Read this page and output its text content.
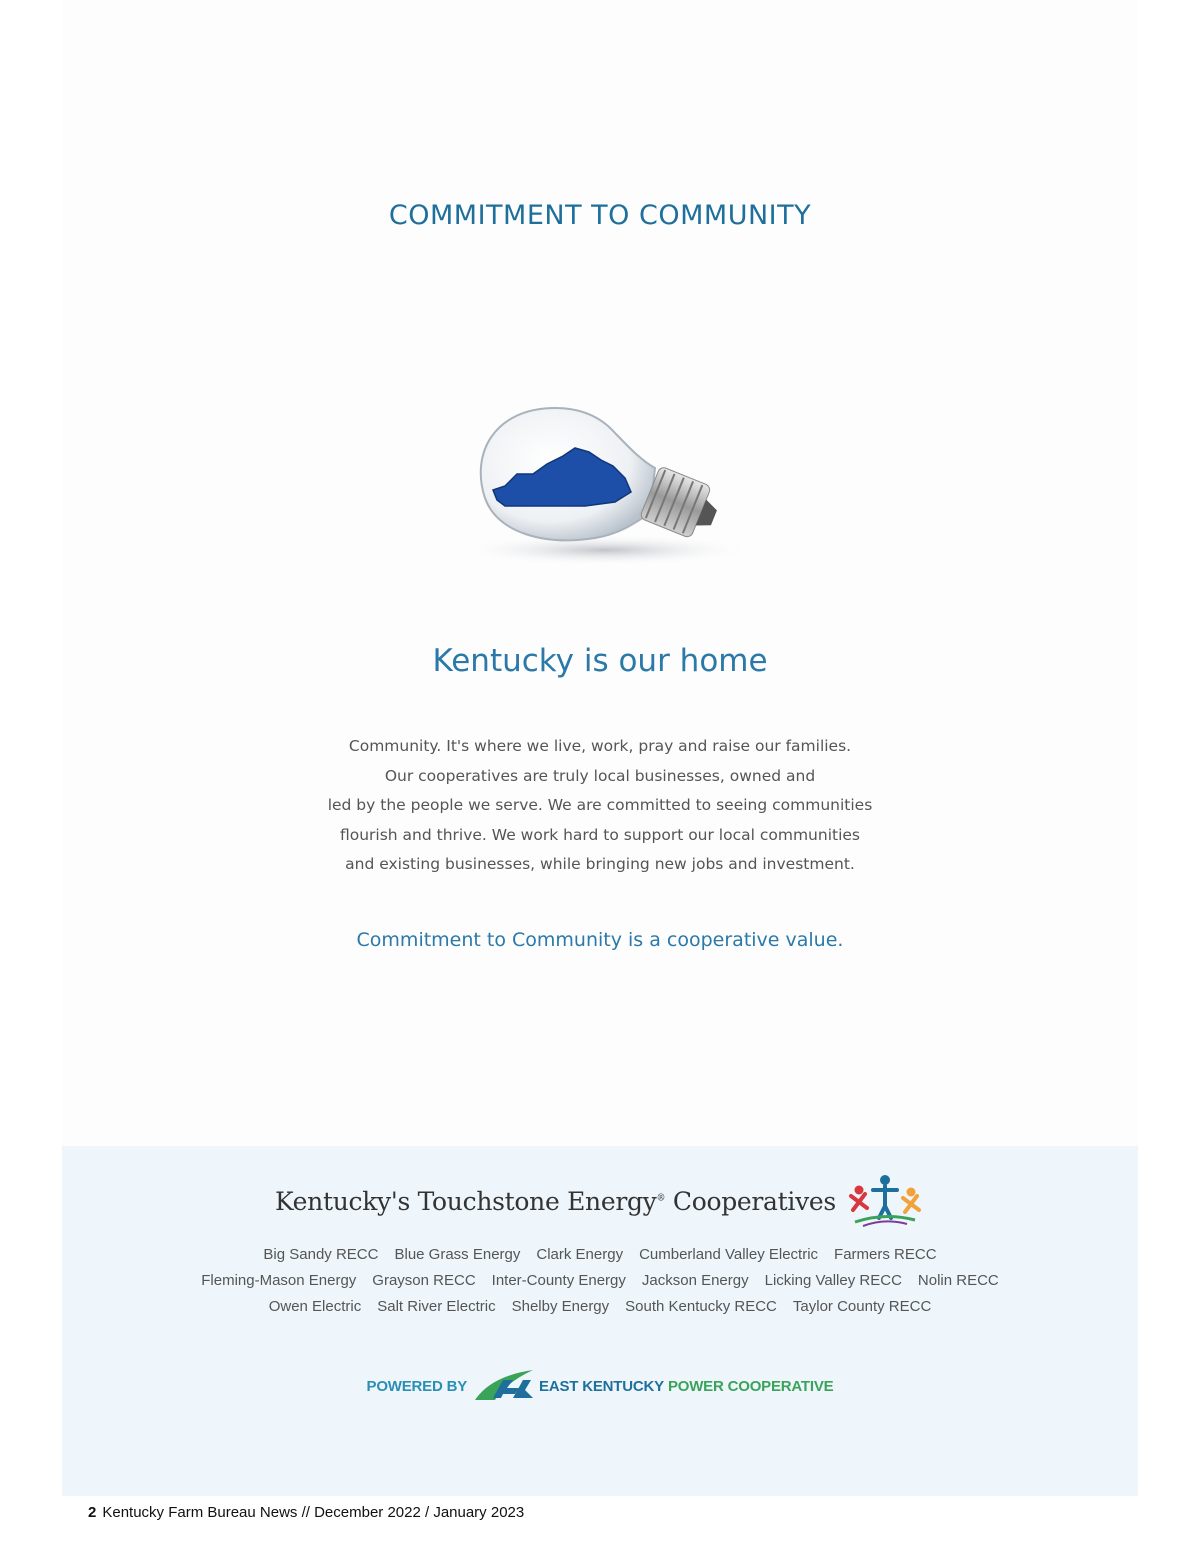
COMMITMENT TO COMMUNITY
Kentucky is our home
Community. It's where we live, work, pray and raise our families.
Our cooperatives are truly local businesses, owned and
led by the people we serve. We are committed to seeing communities
flourish and thrive. We work hard to support our local communities
and existing businesses, while bringing new jobs and investment.
Commitment to Community is a cooperative value.
Kentucky's Touchstone Energy® Cooperatives
Big Sandy RECC Blue Grass Energy Clark Energy Cumberland Valley Electric Farmers RECC
Fleming-Mason Energy Grayson RECC Inter-County Energy Jackson Energy Licking Valley RECC Nolin RECC
Owen Electric Salt River Electric Shelby Energy South Kentucky RECC Taylor County RECC
POWERED BY	EAST KENTUCKY POWER COOPERATIVE
2 Kentucky Farm Bureau News // December 2022 / January 2023
